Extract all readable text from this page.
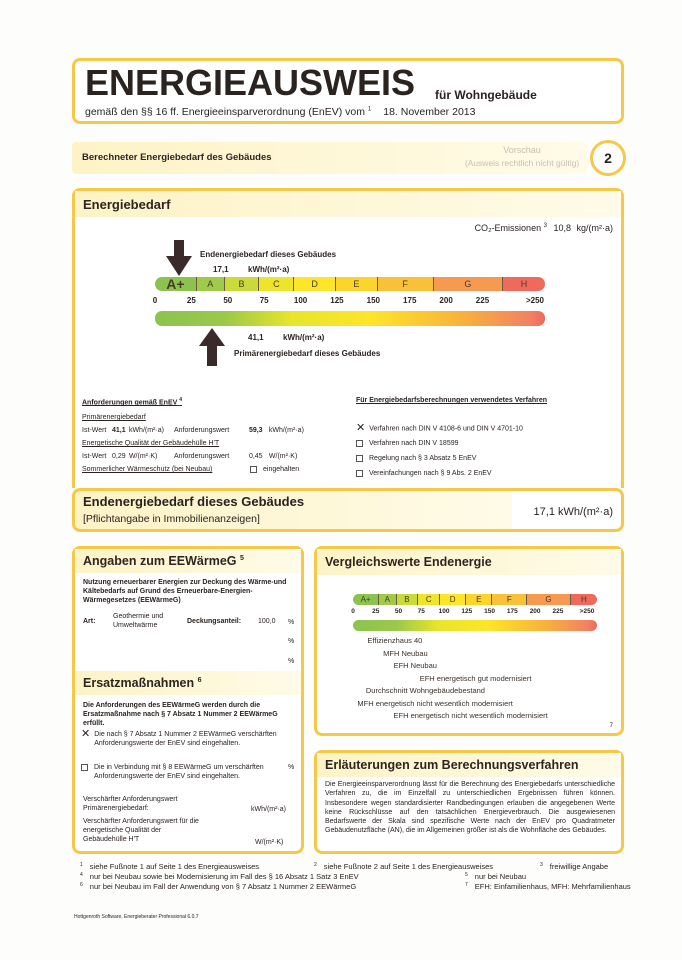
ENERGIEAUSWEIS für Wohngebäude
gemäß den §§ 16 ff. Energieeinsparverordnung (EnEV) vom $^1$ 18. November 2013
Berechneter Energiebedarf des Gebäudes
Vorschau
(Ausweis rechtlich nicht gültig)	2
Energiebedarf
CO₂-Emissionen $^3$ 10,8 kg/(m²·a)
Endenergiebedarf dieses Gebäudes
17,1 kWh/(m²·a)
A+	A	B	C	D	E	F	G	H
0	25	50	75	100	125	150	175	200	225	>250
41,1 kWh/(m²·a)
Primärenergiebedarf dieses Gebäudes
Anforderungen gemäß EnEV $^4$
Primärenergiebedarf
Ist-Wert 41,1 kWh/(m²·a) Anforderungswert	59,3 kWh/(m²·a)
Energetische Qualität der Gebäudehülle H'T
Ist-Wert 0,29 W/(m²·K) Anforderungswert	0,45 W/(m²·K)
Sommerlicher Wärmeschutz (bei Neubau)	eingehalten
Für Energiebedarfsberechnungen verwendetes Verfahren
✕ Verfahren nach DIN V 4108-6 und DIN V 4701-10
Verfahren nach DIN V 18599
Regelung nach § 3 Absatz 5 EnEV
Vereinfachungen nach § 9 Abs. 2 EnEV
Endenergiebedarf dieses Gebäudes
[Pflichtangabe in Immobilienanzeigen]
17,1 kWh/(m²·a)
Angaben zum EEWärmeG $^5$
Nutzung erneuerbarer Energien zur Deckung des Wärme-und Kältebedarfs auf Grund des Erneuerbare-Energien-Wärmegesetzes (EEWärmeG)
Art:
Geothermie und Umweltwärme
Deckungsanteil: 100,0 %
%
%
Ersatzmaßnahmen $^6$
Die Anforderungen des EEWärmeG werden durch die Ersatzmaßnahme nach § 7 Absatz 1 Nummer 2 EEWärmeG erfüllt.
✕ Die nach § 7 Absatz 1 Nummer 2 EEWärmeG verschärften Anforderungswerte der EnEV sind eingehalten.
Die in Verbindung mit § 8 EEWärmeG um verschärften Anforderungswerte der EnEV sind eingehalten.
%
Verschärfter Anforderungswert Primärenergiebedarf:	kWh/(m²·a)
Verschärfter Anforderungswert für die energetische Qualität der Gebäudehülle H'T	W/(m²·K)
Vergleichswerte Endenergie
7
A+	A	B	C	D	E	F	G	H
0	25 50 75 100 125 150 175 200 225	>250
Effizienzhaus 40
MFH Neubau
EFH Neubau
EFH energetisch gut modernisiert
Durchschnitt Wohngebäudebestand
MFH energetisch nicht wesentlich modernisiert
EFH energetisch nicht wesentlich modernisiert
Erläuterungen zum Berechnungsverfahren
Die Energieeinsparverordnung lässt für die Berechnung des Energiebedarfs unterschiedliche Verfahren zu, die im Einzelfall zu unterschiedlichen Ergebnissen führen können. Insbesondere wegen standardisierter Randbedingungen erlauben die angegebenen Werte keine Rückschlüsse auf den tatsächlichen Energieverbrauch. Die ausgewiesenen Bedarfswerte der Skala sind spezifische Werte nach der EnEV pro Quadratmeter Gebäudenutzfläche (AN), die im Allgemeinen größer ist als die Wohnfläche des Gebäudes.
$^1$ siehe Fußnote 1 auf Seite 1 des Energieausweises	$^2$ siehe Fußnote 2 auf Seite 1 des Energieausweises	$^3$ freiwillige Angabe
$^4$ nur bei Neubau sowie bei Modernisierung im Fall des § 16 Absatz 1 Satz 3 EnEV	$^5$ nur bei Neubau
$^6$ nur bei Neubau im Fall der Anwendung von § 7 Absatz 1 Nummer 2 EEWärmeG	$^7$ EFH: Einfamilienhaus, MFH: Mehrfamilienhaus
Hottgenroth Software, Energieberater Professional 6.0.7
